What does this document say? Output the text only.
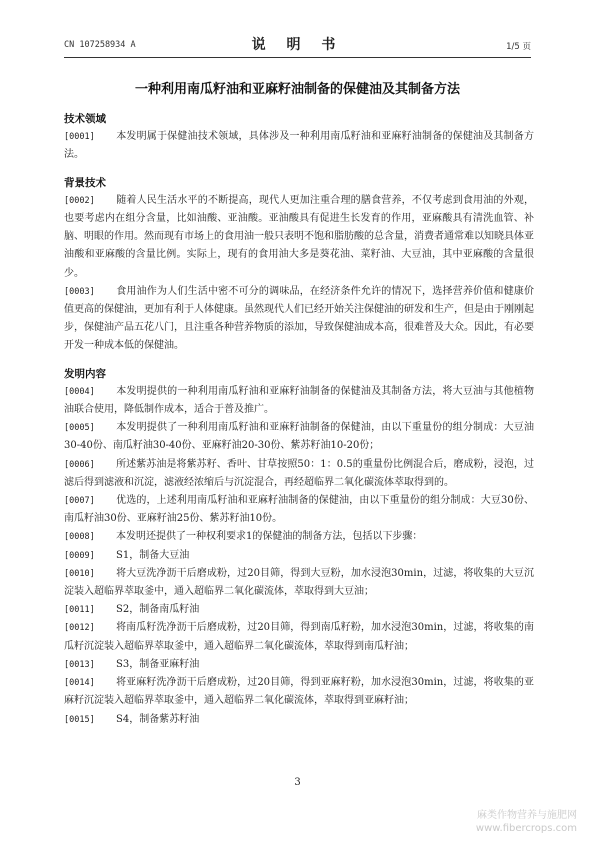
CN 107258934 A	说 明 书	1/5 页
一种利用南瓜籽油和亚麻籽油制备的保健油及其制备方法
技术领域

[0001] 本发明属于保健油技术领域，具体涉及一种利用南瓜籽油和亚麻籽油制备的保健油及其制备方法。

背景技术

[0002] 随着人民生活水平的不断提高，现代人更加注重合理的膳食营养，不仅考虑到食用油的外观，也要考虑内在组分含量，比如油酸、亚油酸。亚油酸具有促进生长发育的作用，亚麻酸具有清洗血管、补脑、明眼的作用。然而现有市场上的食用油一般只表明不饱和脂肪酸的总含量，消费者通常难以知晓具体亚油酸和亚麻酸的含量比例。实际上，现有的食用油大多是葵花油、菜籽油、大豆油，其中亚麻酸的含量很少。

[0003] 食用油作为人们生活中密不可分的调味品，在经济条件允许的情况下，选择营养价值和健康价值更高的保健油，更加有利于人体健康。虽然现代人们已经开始关注保健油的研发和生产，但是由于刚刚起步，保健油产品五花八门，且注重各种营养物质的添加，导致保健油成本高，很难普及大众。因此，有必要开发一种成本低的保健油。

发明内容

[0004] 本发明提供的一种利用南瓜籽油和亚麻籽油制备的保健油及其制备方法，将大豆油与其他植物油联合使用，降低制作成本，适合于普及推广。

[0005] 本发明提供了一种利用南瓜籽油和亚麻籽油制备的保健油，由以下重量份的组分制成：大豆油30-40份、南瓜籽油30-40份、亚麻籽油20-30份、紫苏籽油10-20份；

[0006] 所述紫苏油是将紫苏籽、香叶、甘草按照50：1：0.5的重量份比例混合后，磨成粉，浸泡，过滤后得到滤液和沉淀，滤液经浓缩后与沉淀混合，再经超临界二氧化碳流体萃取得到的。

[0007] 优选的，上述利用南瓜籽油和亚麻籽油制备的保健油，由以下重量份的组分制成：大豆30份、南瓜籽油30份、亚麻籽油25份、紫苏籽油10份。

[0008] 本发明还提供了一种权利要求1的保健油的制备方法，包括以下步骤：

[0009] S1，制备大豆油

[0010] 将大豆洗净沥干后磨成粉，过20目筛，得到大豆粉，加水浸泡30min，过滤，将收集的大豆沉淀装入超临界萃取釜中，通入超临界二氧化碳流体，萃取得到大豆油；

[0011] S2，制备南瓜籽油

[0012] 将南瓜籽洗净沥干后磨成粉，过20目筛，得到南瓜籽粉，加水浸泡30min，过滤，将收集的南瓜籽沉淀装入超临界萃取釜中，通入超临界二氧化碳流体，萃取得到南瓜籽油；

[0013] S3，制备亚麻籽油

[0014] 将亚麻籽洗净沥干后磨成粉，过20目筛，得到亚麻籽粉，加水浸泡30min，过滤，将收集的亚麻籽沉淀装入超临界萃取釜中，通入超临界二氧化碳流体，萃取得到亚麻籽油；

[0015] S4，制备紫苏籽油

3
麻类作物营养与施肥网
www.fibercrops.com
